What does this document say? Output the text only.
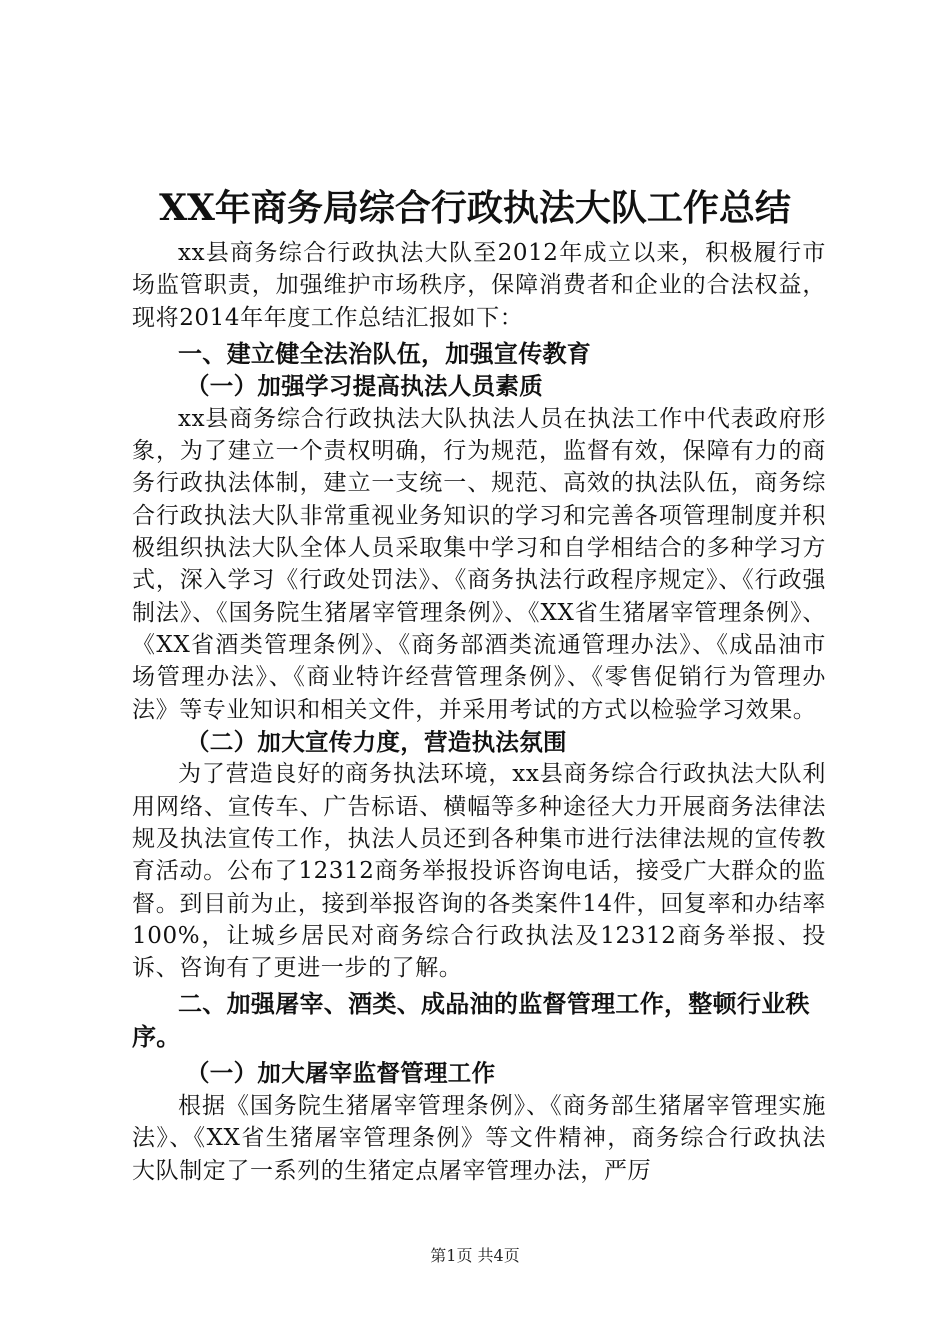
XX年商务局综合行政执法大队工作总结

xx县商务综合行政执法大队至2012年成立以来，积极履行市场监管职责，加强维护市场秩序，保障消费者和企业的合法权益，现将2014年年度工作总结汇报如下：

一、建立健全法治队伍，加强宣传教育

（一）加强学习提高执法人员素质

xx县商务综合行政执法大队执法人员在执法工作中代表政府形象，为了建立一个责权明确，行为规范，监督有效，保障有力的商务行政执法体制，建立一支统一、规范、高效的执法队伍，商务综合行政执法大队非常重视业务知识的学习和完善各项管理制度并积极组织执法大队全体人员采取集中学习和自学相结合的多种学习方式，深入学习《行政处罚法》、《商务执法行政程序规定》、《行政强制法》、《国务院生猪屠宰管理条例》、《XX省生猪屠宰管理条例》、《XX省酒类管理条例》、《商务部酒类流通管理办法》、《成品油市场管理办法》、《商业特许经营管理条例》、《零售促销行为管理办法》等专业知识和相关文件，并采用考试的方式以检验学习效果。

（二）加大宣传力度，营造执法氛围

为了营造良好的商务执法环境，xx县商务综合行政执法大队利用网络、宣传车、广告标语、横幅等多种途径大力开展商务法律法规及执法宣传工作，执法人员还到各种集市进行法律法规的宣传教育活动。公布了12312商务举报投诉咨询电话，接受广大群众的监督。到目前为止，接到举报咨询的各类案件14件，回复率和办结率100%，让城乡居民对商务综合行政执法及12312商务举报、投诉、咨询有了更进一步的了解。

二、加强屠宰、酒类、成品油的监督管理工作，整顿行业秩序。

（一）加大屠宰监督管理工作

根据《国务院生猪屠宰管理条例》、《商务部生猪屠宰管理实施法》、《XX省生猪屠宰管理条例》等文件精神，商务综合行政执法大队制定了一系列的生猪定点屠宰管理办法，严厉

第1页 共4页
